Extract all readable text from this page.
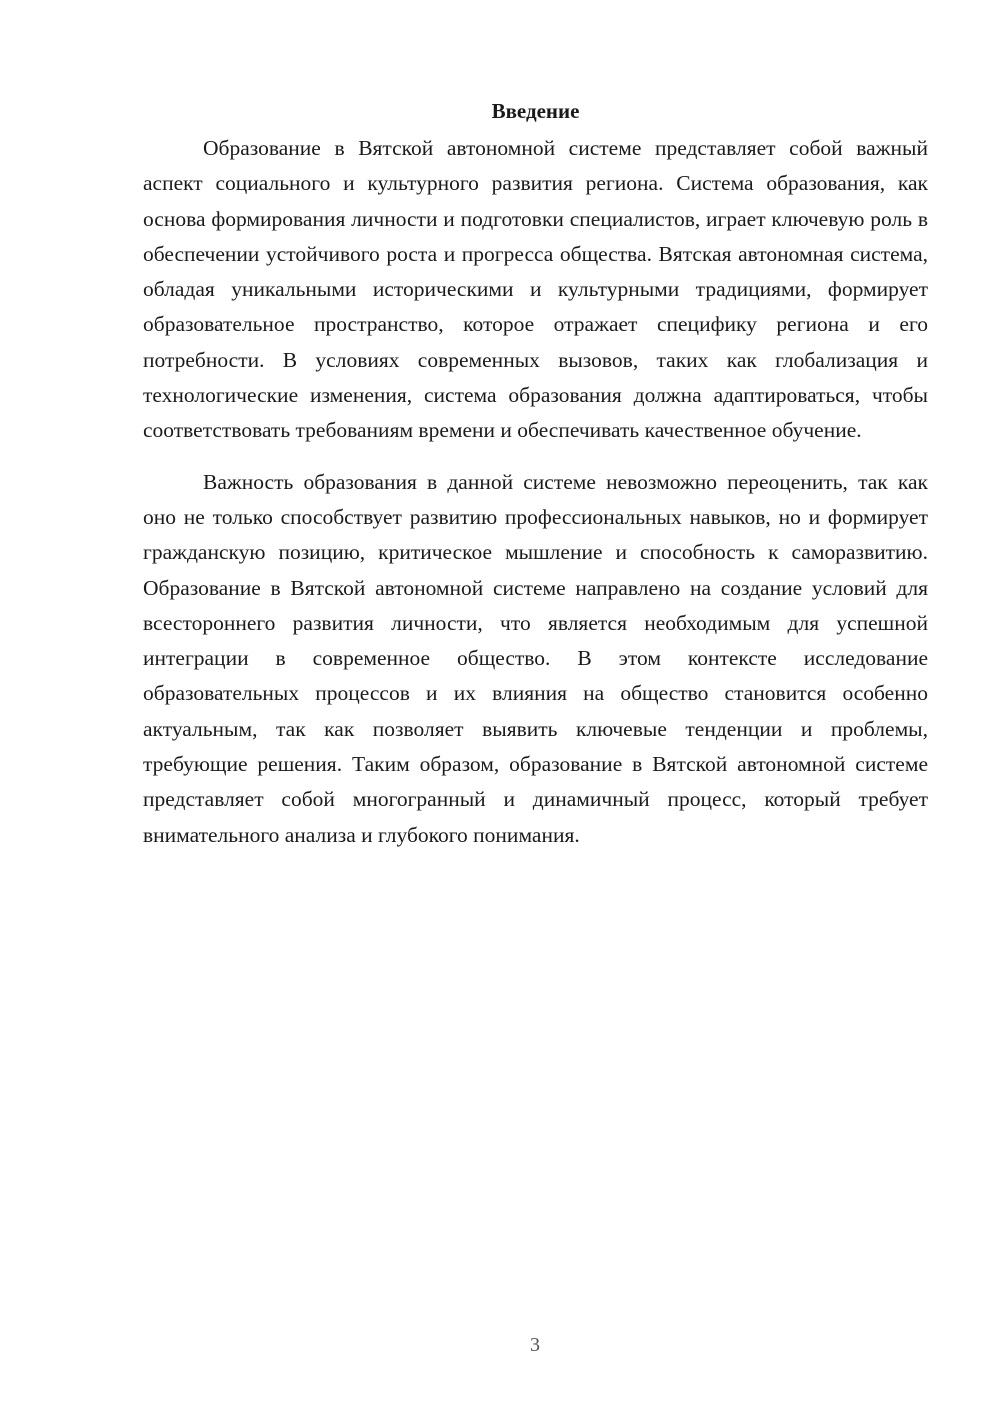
Введение

Образование в Вятской автономной системе представляет собой важный аспект социального и культурного развития региона. Система образования, как основа формирования личности и подготовки специалистов, играет ключевую роль в обеспечении устойчивого роста и прогресса общества. Вятская автономная система, обладая уникальными историческими и культурными традициями, формирует образовательное пространство, которое отражает специфику региона и его потребности. В условиях современных вызовов, таких как глобализация и технологические изменения, система образования должна адаптироваться, чтобы соответствовать требованиям времени и обеспечивать качественное обучение.

Важность образования в данной системе невозможно переоценить, так как оно не только способствует развитию профессиональных навыков, но и формирует гражданскую позицию, критическое мышление и способность к саморазвитию. Образование в Вятской автономной системе направлено на создание условий для всестороннего развития личности, что является необходимым для успешной интеграции в современное общество. В этом контексте исследование образовательных процессов и их влияния на общество становится особенно актуальным, так как позволяет выявить ключевые тенденции и проблемы, требующие решения. Таким образом, образование в Вятской автономной системе представляет собой многогранный и динамичный процесс, который требует внимательного анализа и глубокого понимания.

3
